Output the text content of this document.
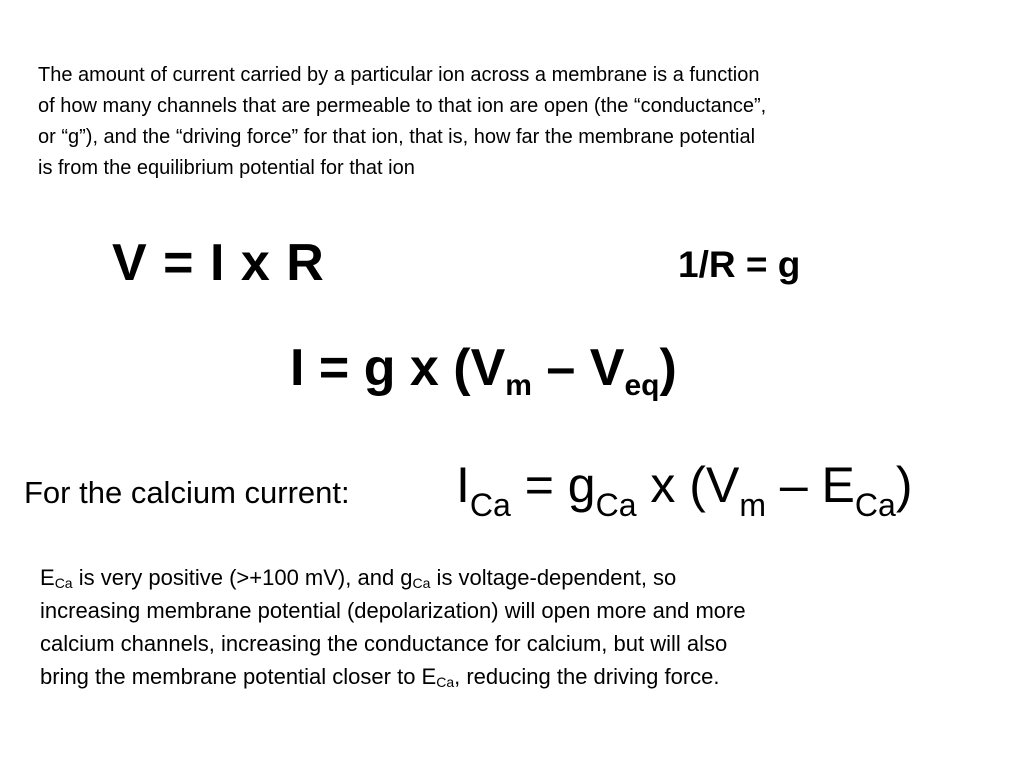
The amount of current carried by a particular ion across a membrane is a function
of how many channels that are permeable to that ion are open (the “conductance”,
or “g”), and the “driving force” for that ion, that is, how far the membrane potential
is from the equilibrium potential for that ion
V = I x R	1/R = g
I = g x $(V_m - V_{eq})$
For the calcium current: $I_{Ca} = g_{Ca}$ x $(V_m - E_{Ca})$
$E_{Ca}$ is very positive (>+100 mV), and $g_{Ca}$ is voltage-dependent, so
increasing membrane potential (depolarization) will open more and more
calcium channels, increasing the conductance for calcium, but will also
bring the membrane potential closer to $E_{Ca}$, reducing the driving force.
